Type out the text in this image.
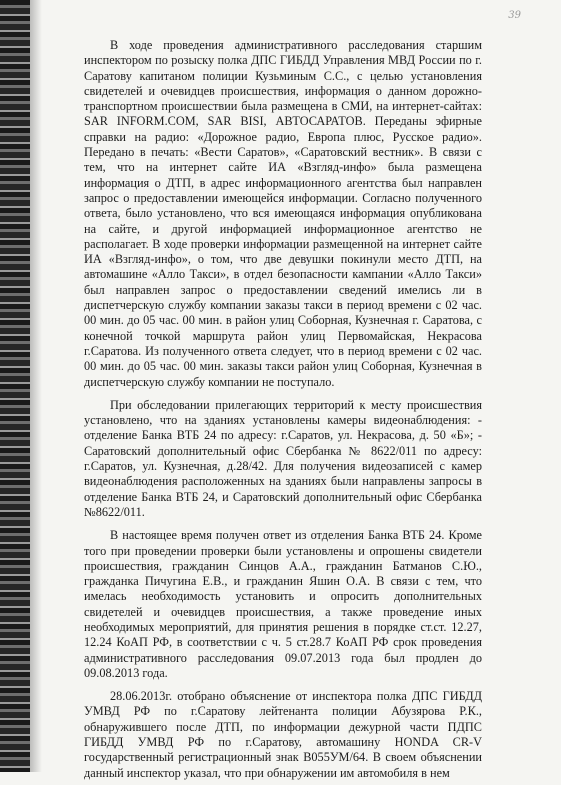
39

В ходе проведения административного расследования старшим инспектором по розыску полка ДПС ГИБДД Управления МВД России по г. Саратову капитаном полиции Кузьминым С.С., с целью установления свидетелей и очевидцев происшествия, информация о данном дорожно-транспортном происшествии была размещена в СМИ, на интернет-сайтах: SAR INFORM.COM, SAR BISI, АВТОСАРАТОВ. Переданы эфирные справки на радио: «Дорожное радио, Европа плюс, Русское радио». Передано в печать: «Вести Саратов», «Саратовский вестник». В связи с тем, что на интернет сайте ИА «Взгляд-инфо» была размещена информация о ДТП, в адрес информационного агентства был направлен запрос о предоставлении имеющейся информации. Согласно полученного ответа, было установлено, что вся имеющаяся информация опубликована на сайте, и другой информацией информационное агентство не располагает. В ходе проверки информации размещенной на интернет сайте ИА «Взгляд-инфо», о том, что две девушки покинули место ДТП, на автомашине «Алло Такси», в отдел безопасности кампании «Алло Такси» был направлен запрос о предоставлении сведений имелись ли в диспетчерскую службу компании заказы такси в период времени с 02 час. 00 мин. до 05 час. 00 мин. в район улиц Соборная, Кузнечная г. Саратова, с конечной точкой маршрута район улиц Первомайская, Некрасова г.Саратова. Из полученного ответа следует, что в период времени с 02 час. 00 мин. до 05 час. 00 мин. заказы такси район улиц Соборная, Кузнечная в диспетчерскую службу компании не поступало.

При обследовании прилегающих территорий к месту происшествия установлено, что на зданиях установлены камеры видеонаблюдения: - отделение Банка ВТБ 24 по адресу: г.Саратов, ул. Некрасова, д. 50 «Б»; - Саратовский дополнительный офис Сбербанка № 8622/011 по адресу: г.Саратов, ул. Кузнечная, д.28/42. Для получения видеозаписей с камер видеонаблюдения расположенных на зданиях были направлены запросы в отделение Банка ВТБ 24, и Саратовский дополнительный офис Сбербанка №8622/011.

В настоящее время получен ответ из отделения Банка ВТБ 24. Кроме того при проведении проверки были установлены и опрошены свидетели происшествия, гражданин Синцов А.А., гражданин Батманов С.Ю., гражданка Пичугина Е.В., и гражданин Яшин О.А. В связи с тем, что имелась необходимость установить и опросить дополнительных свидетелей и очевидцев происшествия, а также проведение иных необходимых мероприятий, для принятия решения в порядке ст.ст. 12.27, 12.24 КоАП РФ, в соответствии с ч. 5 ст.28.7 КоАП РФ срок проведения административного расследования 09.07.2013 года был продлен до 09.08.2013 года.

28.06.2013г. отобрано объяснение от инспектора полка ДПС ГИБДД УМВД РФ по г.Саратову лейтенанта полиции Абузярова Р.К., обнаружившего после ДТП, по информации дежурной части ПДПС ГИБДД УМВД РФ по г.Саратову, автомашину HONDA CR-V государственный регистрационный знак В055УМ/64. В своем объяснении данный инспектор указал, что при обнаружении им автомобиля в нем
